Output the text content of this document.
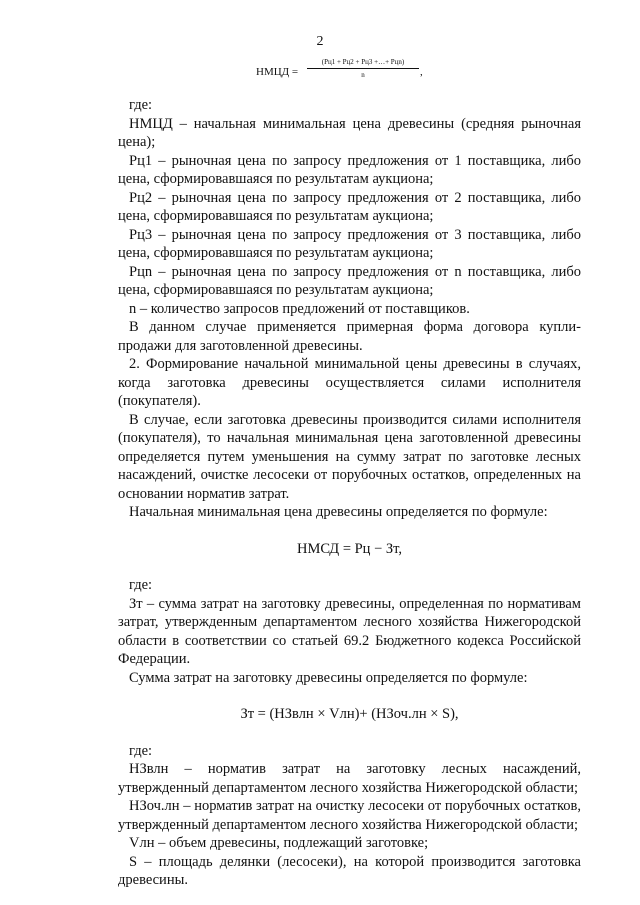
2
НМЦД =
(Рц1 + Рц2 + Рц3 +…+ Рцn)
n	,

где:

НМЦД – начальная минимальная цена древесины (средняя рыночная цена);

Рц1 – рыночная цена по запросу предложения от 1 поставщика, либо цена, сформировавшаяся по результатам аукциона;

Рц2 – рыночная цена по запросу предложения от 2 поставщика, либо цена, сформировавшаяся по результатам аукциона;

Рц3 – рыночная цена по запросу предложения от 3 поставщика, либо цена, сформировавшаяся по результатам аукциона;

Рцn – рыночная цена по запросу предложения от n поставщика, либо цена, сформировавшаяся по результатам аукциона;

n – количество запросов предложений от поставщиков.

В данном случае применяется примерная форма договора купли-продажи для заготовленной древесины.

2. Формирование начальной минимальной цены древесины в случаях, когда заготовка древесины осуществляется силами исполнителя (покупателя).

В случае, если заготовка древесины производится силами исполнителя (покупателя), то начальная минимальная цена заготовленной древесины определяется путем уменьшения на сумму затрат по заготовке лесных насаждений, очистке лесосеки от порубочных остатков, определенных на основании норматив затрат.

Начальная минимальная цена древесины определяется по формуле:

НМСД = Рц − Зт,

где:

Зт – сумма затрат на заготовку древесины, определенная по нормативам затрат, утвержденным департаментом лесного хозяйства Нижегородской области в соответствии со статьей 69.2 Бюджетного кодекса Российской Федерации.

Сумма затрат на заготовку древесины определяется по формуле:

Зт = (НЗвлн × Vлн)+ (НЗоч.лн × S),

где:

НЗвлн – норматив затрат на заготовку лесных насаждений, утвержденный департаментом лесного хозяйства Нижегородской области;

НЗоч.лн – норматив затрат на очистку лесосеки от порубочных остатков, утвержденный департаментом лесного хозяйства Нижегородской области;

Vлн – объем древесины, подлежащий заготовке;

S – площадь делянки (лесосеки), на которой производится заготовка древесины.
